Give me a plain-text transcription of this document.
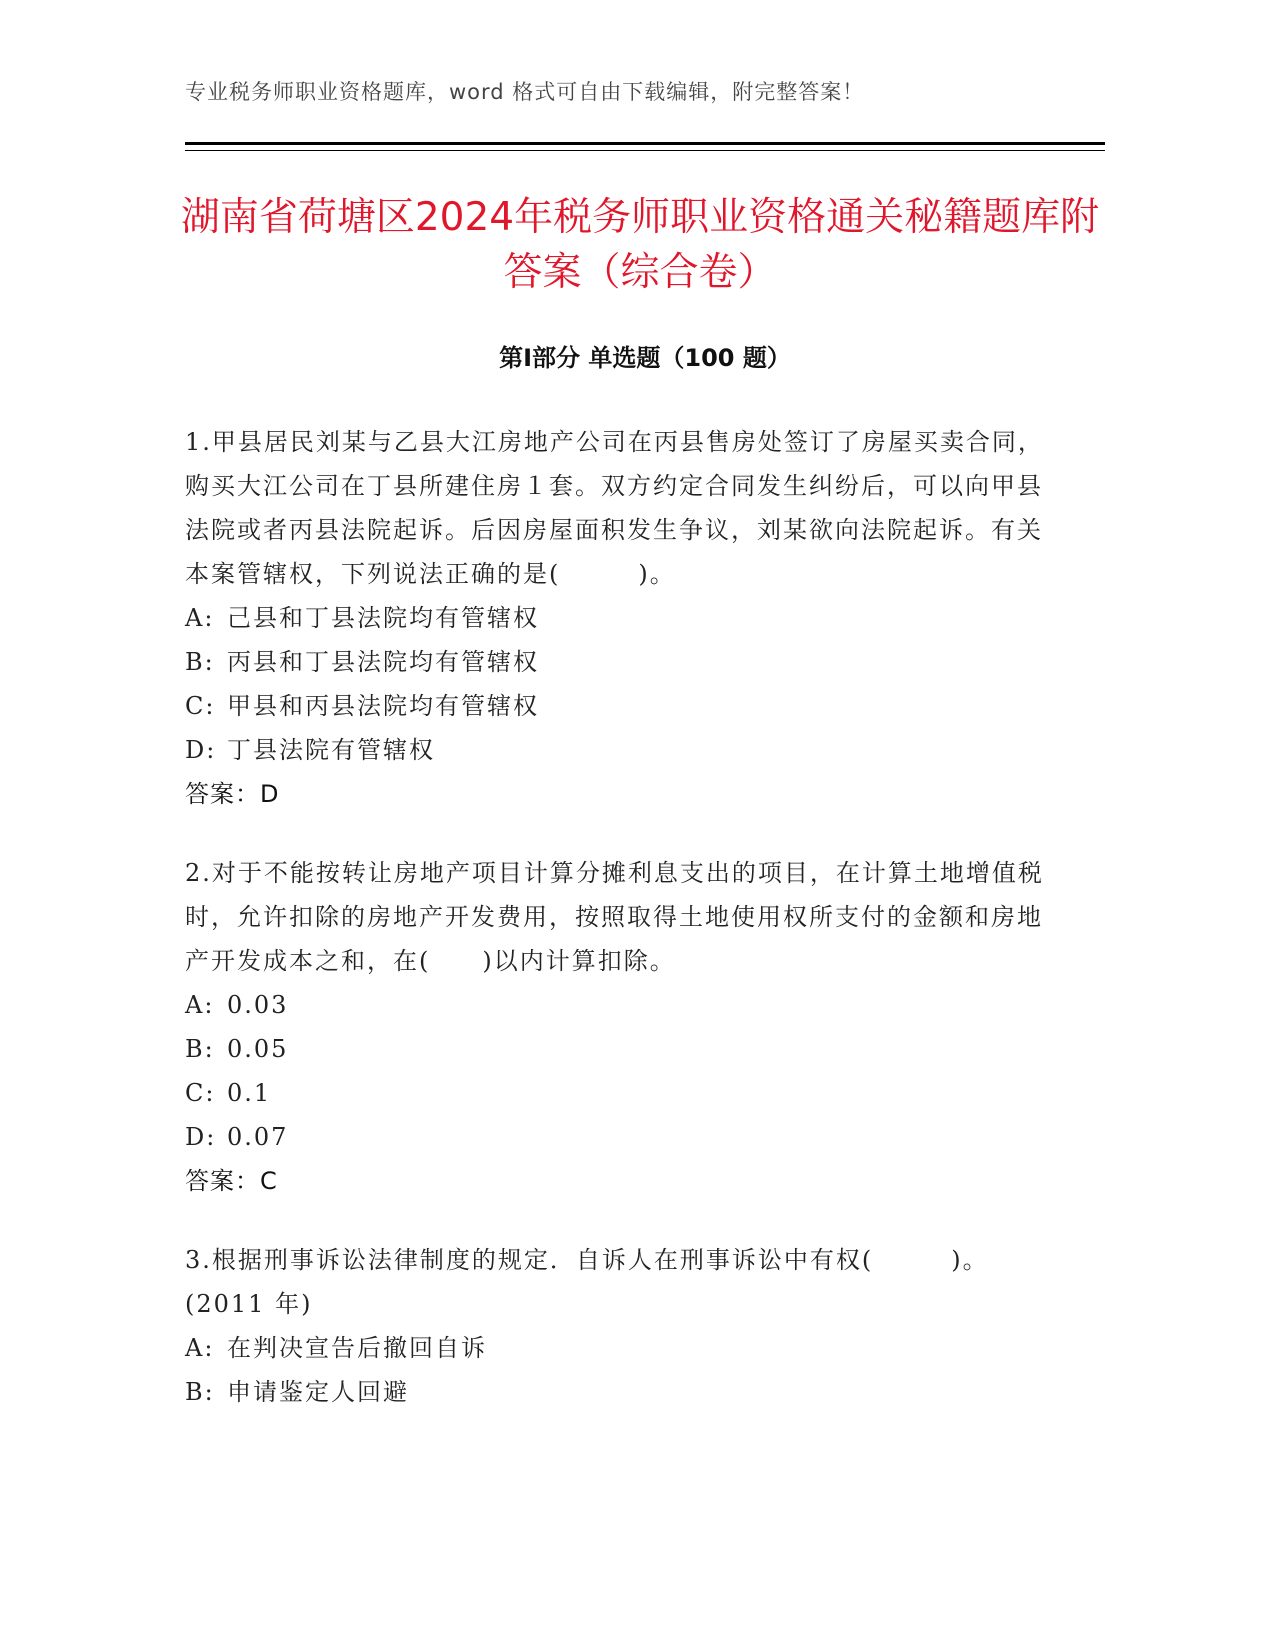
专业税务师职业资格题库，word 格式可自由下载编辑，附完整答案！
湖南省荷塘区2024年税务师职业资格通关秘籍题库附答案（综合卷）
第Ⅰ部分 单选题（100 题）

1.甲县居民刘某与乙县大江房地产公司在丙县售房处签订了房屋买卖合同，购买大江公司在丁县所建住房１套。双方约定合同发生纠纷后，可以向甲县法院或者丙县法院起诉。后因房屋面积发生争议，刘某欲向法院起诉。有关本案管辖权，下列说法正确的是(　　　)。

A: 己县和丁县法院均有管辖权
B: 丙县和丁县法院均有管辖权
C: 甲县和丙县法院均有管辖权
D: 丁县法院有管辖权
答案：D

2.对于不能按转让房地产项目计算分摊利息支出的项目，在计算土地增值税时，允许扣除的房地产开发费用，按照取得土地使用权所支付的金额和房地产开发成本之和，在(　　)以内计算扣除。

A: 0.03
B: 0.05
C: 0.1
D: 0.07
答案：C

3.根据刑事诉讼法律制度的规定．自诉人在刑事诉讼中有权(　　　)。(2011 年)

A: 在判决宣告后撤回自诉
B: 申请鉴定人回避
